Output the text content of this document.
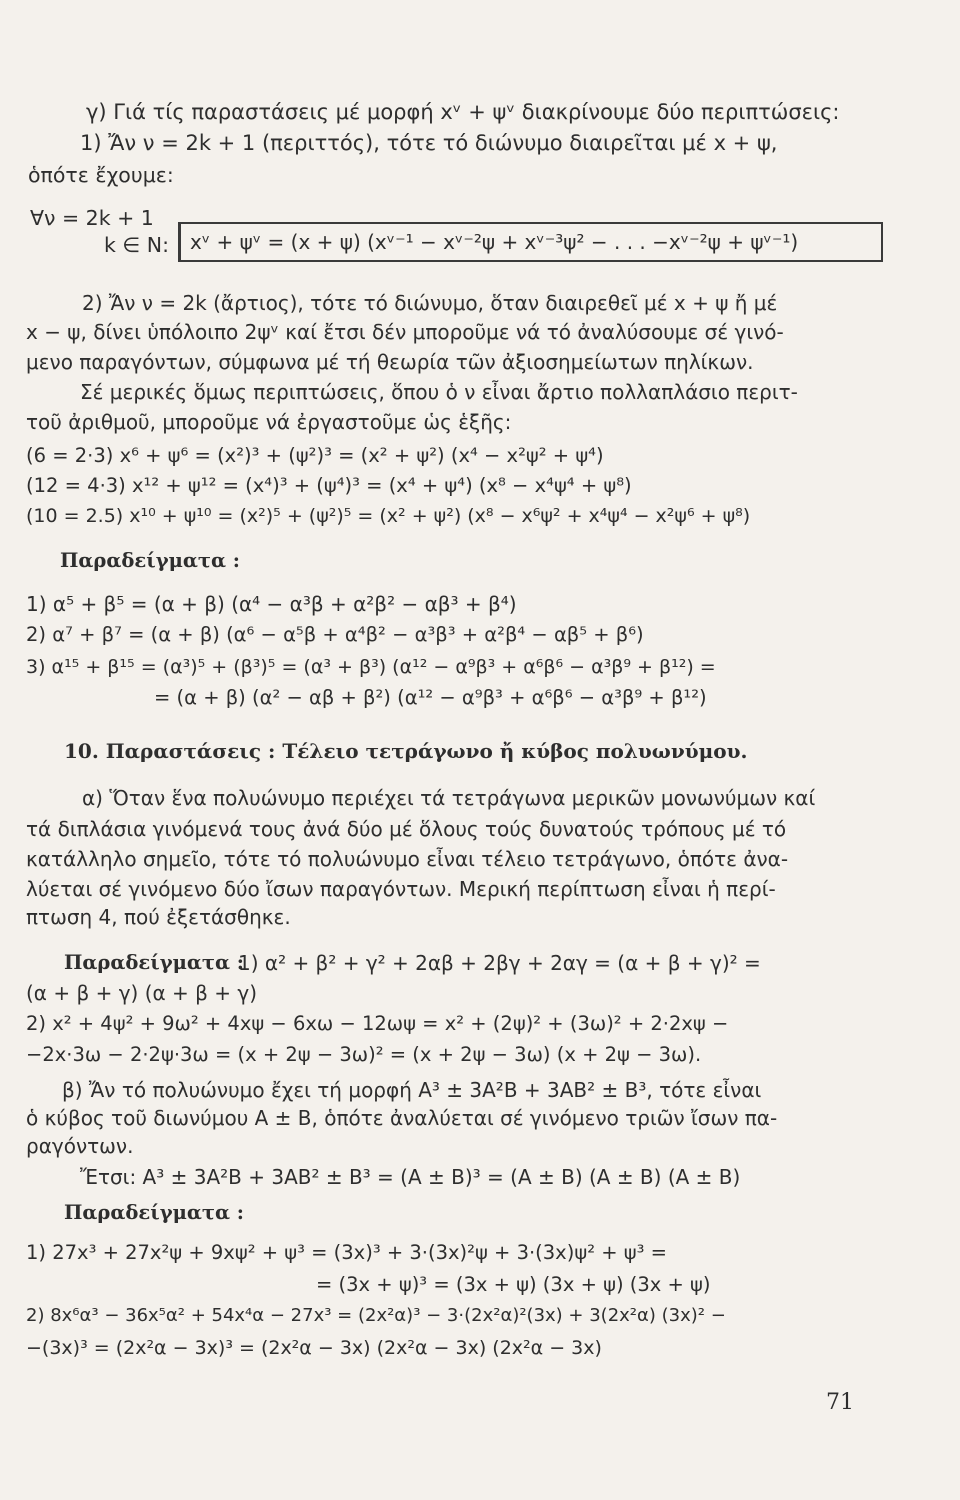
γ) Γιά τίς παραστάσεις μέ μορφή xᵛ + ψᵛ διακρίνουμε δύο περιπτώσεις:
1) Ἄν ν = 2k + 1 (περιττός), τότε τό διώνυμο διαιρεῖται μέ x + ψ,
ὁπότε ἔχουμε:
∀ν = 2k + 1
k ∈ N: xᵛ + ψᵛ = (x + ψ) (xᵛ⁻¹ − xᵛ⁻²ψ + xᵛ⁻³ψ² − . . . −xᵛ⁻²ψ + ψᵛ⁻¹)
2) Ἄν ν = 2k (ἄρτιος), τότε τό διώνυμο, ὅταν διαιρεθεῖ μέ x + ψ ἤ μέ
x − ψ, δίνει ὑπόλοιπο 2ψᵛ καί ἔτσι δέν μποροῦμε νά τό ἀναλύσουμε σέ γινό-
μενο παραγόντων, σύμφωνα μέ τή θεωρία τῶν ἀξιοσημείωτων πηλίκων.
Σέ μερικές ὅμως περιπτώσεις, ὅπου ὁ ν εἶναι ἄρτιο πολλαπλάσιο περιτ-
τοῦ ἀριθμοῦ, μποροῦμε νά ἐργαστοῦμε ὡς ἑξῆς:
(6 = 2·3) x⁶ + ψ⁶ = (x²)³ + (ψ²)³ = (x² + ψ²) (x⁴ − x²ψ² + ψ⁴)
(12 = 4·3) x¹² + ψ¹² = (x⁴)³ + (ψ⁴)³ = (x⁴ + ψ⁴) (x⁸ − x⁴ψ⁴ + ψ⁸)
(10 = 2.5) x¹⁰ + ψ¹⁰ = (x²)⁵ + (ψ²)⁵ = (x² + ψ²) (x⁸ − x⁶ψ² + x⁴ψ⁴ − x²ψ⁶ + ψ⁸)
Παραδείγματα :
1) α⁵ + β⁵ = (α + β) (α⁴ − α³β + α²β² − αβ³ + β⁴)
2) α⁷ + β⁷ = (α + β) (α⁶ − α⁵β + α⁴β² − α³β³ + α²β⁴ − αβ⁵ + β⁶)
3) α¹⁵ + β¹⁵ = (α³)⁵ + (β³)⁵ = (α³ + β³) (α¹² − α⁹β³ + α⁶β⁶ − α³β⁹ + β¹²) =
= (α + β) (α² − αβ + β²) (α¹² − α⁹β³ + α⁶β⁶ − α³β⁹ + β¹²)
10. Παραστάσεις : Τέλειο τετράγωνο ἤ κύβος πολυωνύμου.
α) Ὅταν ἕνα πολυώνυμο περιέχει τά τετράγωνα μερικῶν μονωνύμων καί
τά διπλάσια γινόμενά τους ἀνά δύο μέ ὅλους τούς δυνατούς τρόπους μέ τό
κατάλληλο σημεῖο, τότε τό πολυώνυμο εἶναι τέλειο τετράγωνο, ὁπότε ἀνα-
λύεται σέ γινόμενο δύο ἴσων παραγόντων. Μερική περίπτωση εἶναι ἡ περί-
πτωση 4, πού ἐξετάσθηκε.
Παραδείγματα :
1) α² + β² + γ² + 2αβ + 2βγ + 2αγ = (α + β + γ)² =
(α + β + γ) (α + β + γ)
2) x² + 4ψ² + 9ω² + 4xψ − 6xω − 12ωψ = x² + (2ψ)² + (3ω)² + 2·2xψ −
−2x·3ω − 2·2ψ·3ω = (x + 2ψ − 3ω)² = (x + 2ψ − 3ω) (x + 2ψ − 3ω).
β) Ἄν τό πολυώνυμο ἔχει τή μορφή A³ ± 3A²B + 3AB² ± B³, τότε εἶναι
ὁ κύβος τοῦ διωνύμου A ± B, ὁπότε ἀναλύεται σέ γινόμενο τριῶν ἴσων πα-
ραγόντων.
Ἔτσι: A³ ± 3A²B + 3AB² ± B³ = (A ± B)³ = (A ± B) (A ± B) (A ± B)
Παραδείγματα :
1) 27x³ + 27x²ψ + 9xψ² + ψ³ = (3x)³ + 3·(3x)²ψ + 3·(3x)ψ² + ψ³ =
= (3x + ψ)³ = (3x + ψ) (3x + ψ) (3x + ψ)
2) 8x⁶α³ − 36x⁵α² + 54x⁴α − 27x³ = (2x²α)³ − 3·(2x²α)²(3x) + 3(2x²α) (3x)² −
−(3x)³ = (2x²α − 3x)³ = (2x²α − 3x) (2x²α − 3x) (2x²α − 3x)
71
